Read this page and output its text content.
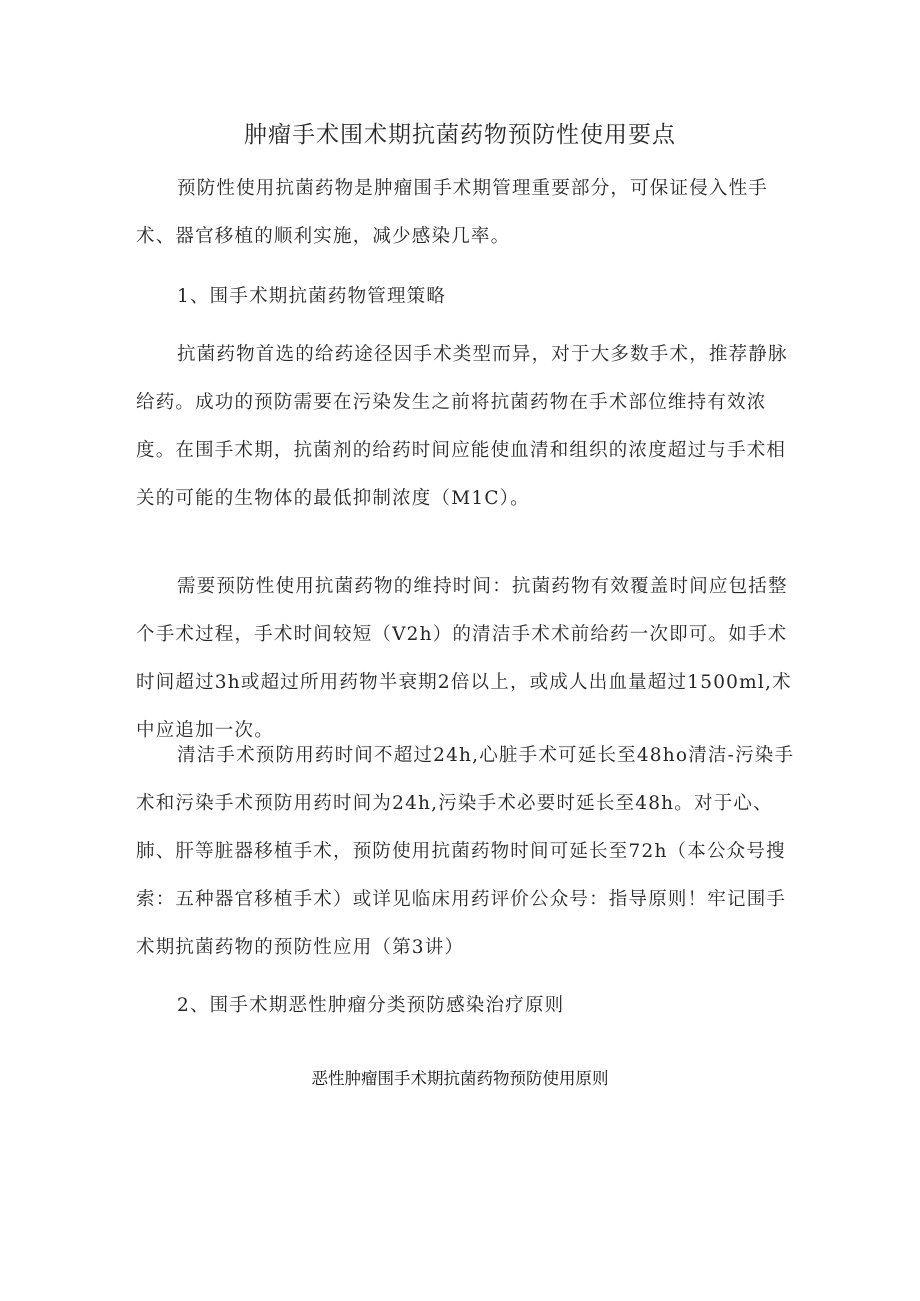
肿瘤手术围术期抗菌药物预防性使用要点

预防性使用抗菌药物是肿瘤围手术期管理重要部分，可保证侵入性手术、器官移植的顺利实施，减少感染几率。

1、围手术期抗菌药物管理策略

抗菌药物首选的给药途径因手术类型而异，对于大多数手术，推荐静脉给药。成功的预防需要在污染发生之前将抗菌药物在手术部位维持有效浓度。在围手术期，抗菌剂的给药时间应能使血清和组织的浓度超过与手术相关的可能的生物体的最低抑制浓度（M1C）。

需要预防性使用抗菌药物的维持时间：抗菌药物有效覆盖时间应包括整个手术过程，手术时间较短（V2h）的清洁手术术前给药一次即可。如手术时间超过3h或超过所用药物半衰期2倍以上，或成人出血量超过1500ml,术中应追加一次。

清洁手术预防用药时间不超过24h,心脏手术可延长至48ho清洁-污染手术和污染手术预防用药时间为24h,污染手术必要时延长至48h。对于心、肺、肝等脏器移植手术，预防使用抗菌药物时间可延长至72h（本公众号搜索：五种器官移植手术）或详见临床用药评价公众号：指导原则！牢记围手术期抗菌药物的预防性应用（第3讲）

2、围手术期恶性肿瘤分类预防感染治疗原则

恶性肿瘤围手术期抗菌药物预防使用原则
